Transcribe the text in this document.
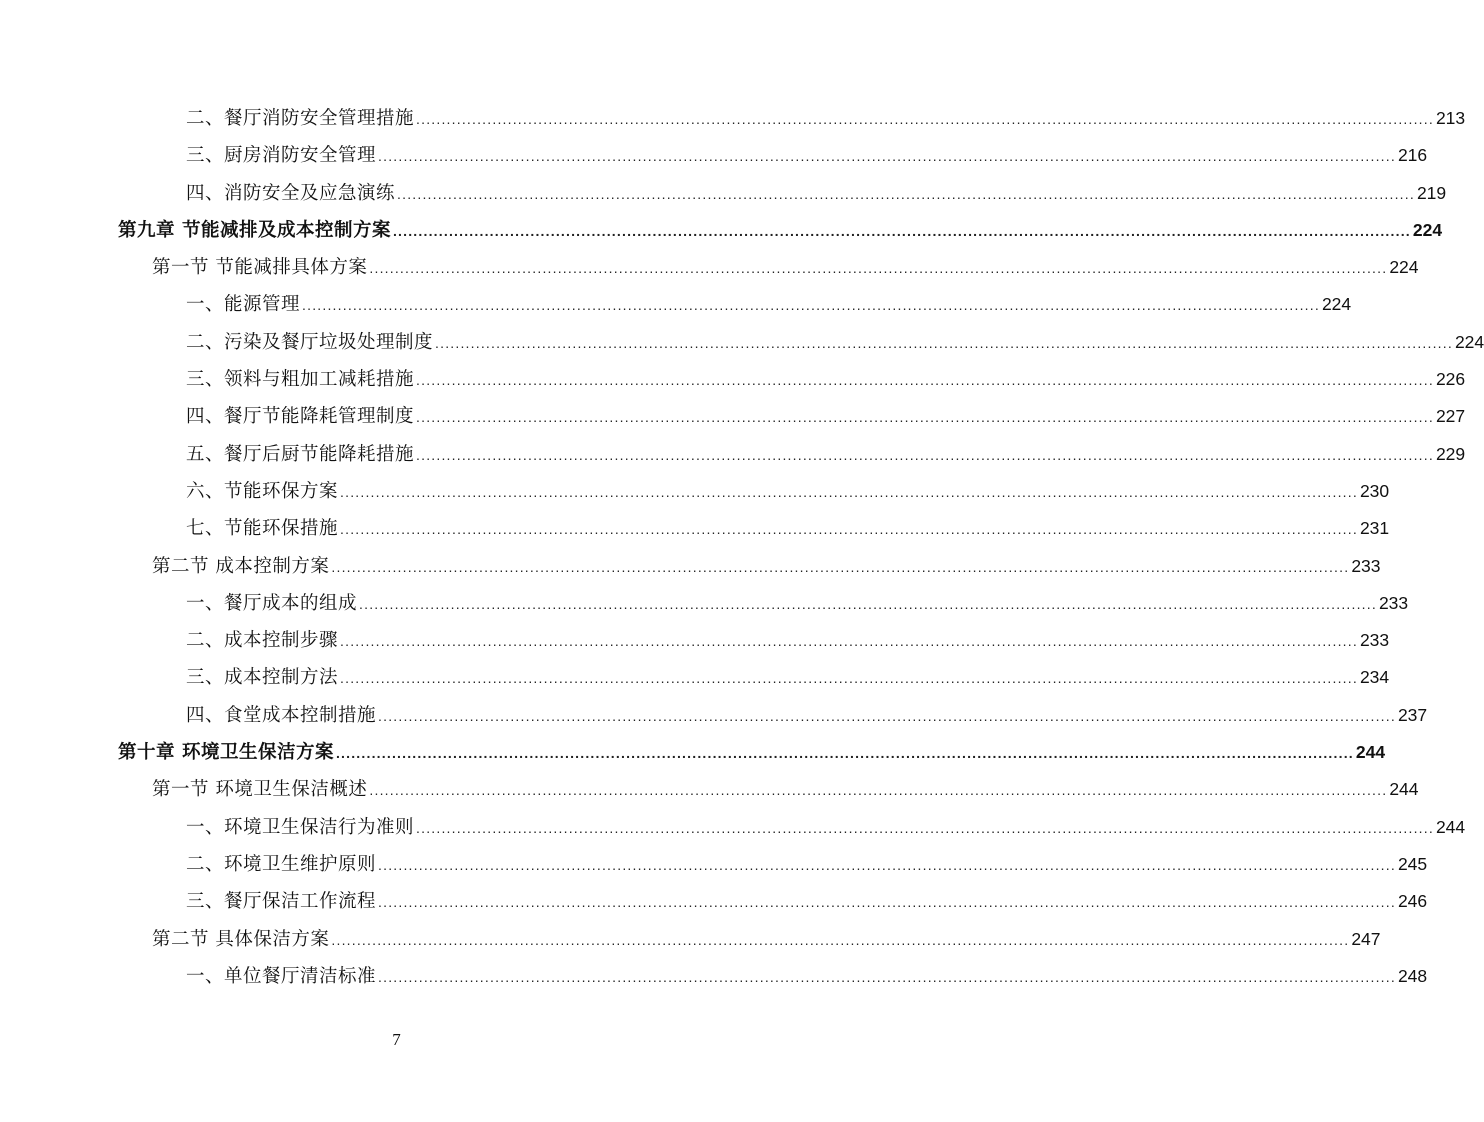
二、餐厅消防安全管理措施 ........................................................................................................................................................................................................ 213
三、厨房消防安全管理 ........................................................................................................................................................................................................ 216
四、消防安全及应急演练 ........................................................................................................................................................................................................ 219
第九章 节能减排及成本控制方案 ........................................................................................................................................................................................................ 224
第一节 节能减排具体方案 ........................................................................................................................................................................................................ 224
一、能源管理 ........................................................................................................................................................................................................ 224
二、污染及餐厅垃圾处理制度 ........................................................................................................................................................................................................ 224
三、领料与粗加工减耗措施 ........................................................................................................................................................................................................ 226
四、餐厅节能降耗管理制度 ........................................................................................................................................................................................................ 227
五、餐厅后厨节能降耗措施 ........................................................................................................................................................................................................ 229
六、节能环保方案 ........................................................................................................................................................................................................ 230
七、节能环保措施 ........................................................................................................................................................................................................ 231
第二节 成本控制方案 ........................................................................................................................................................................................................ 233
一、餐厅成本的组成 ........................................................................................................................................................................................................ 233
二、成本控制步骤 ........................................................................................................................................................................................................ 233
三、成本控制方法 ........................................................................................................................................................................................................ 234
四、食堂成本控制措施 ........................................................................................................................................................................................................ 237
第十章 环境卫生保洁方案 ........................................................................................................................................................................................................ 244
第一节 环境卫生保洁概述 ........................................................................................................................................................................................................ 244
一、环境卫生保洁行为准则 ........................................................................................................................................................................................................ 244
二、环境卫生维护原则 ........................................................................................................................................................................................................ 245
三、餐厅保洁工作流程 ........................................................................................................................................................................................................ 246
第二节 具体保洁方案 ........................................................................................................................................................................................................ 247
一、单位餐厅清洁标准 ........................................................................................................................................................................................................ 248
7
